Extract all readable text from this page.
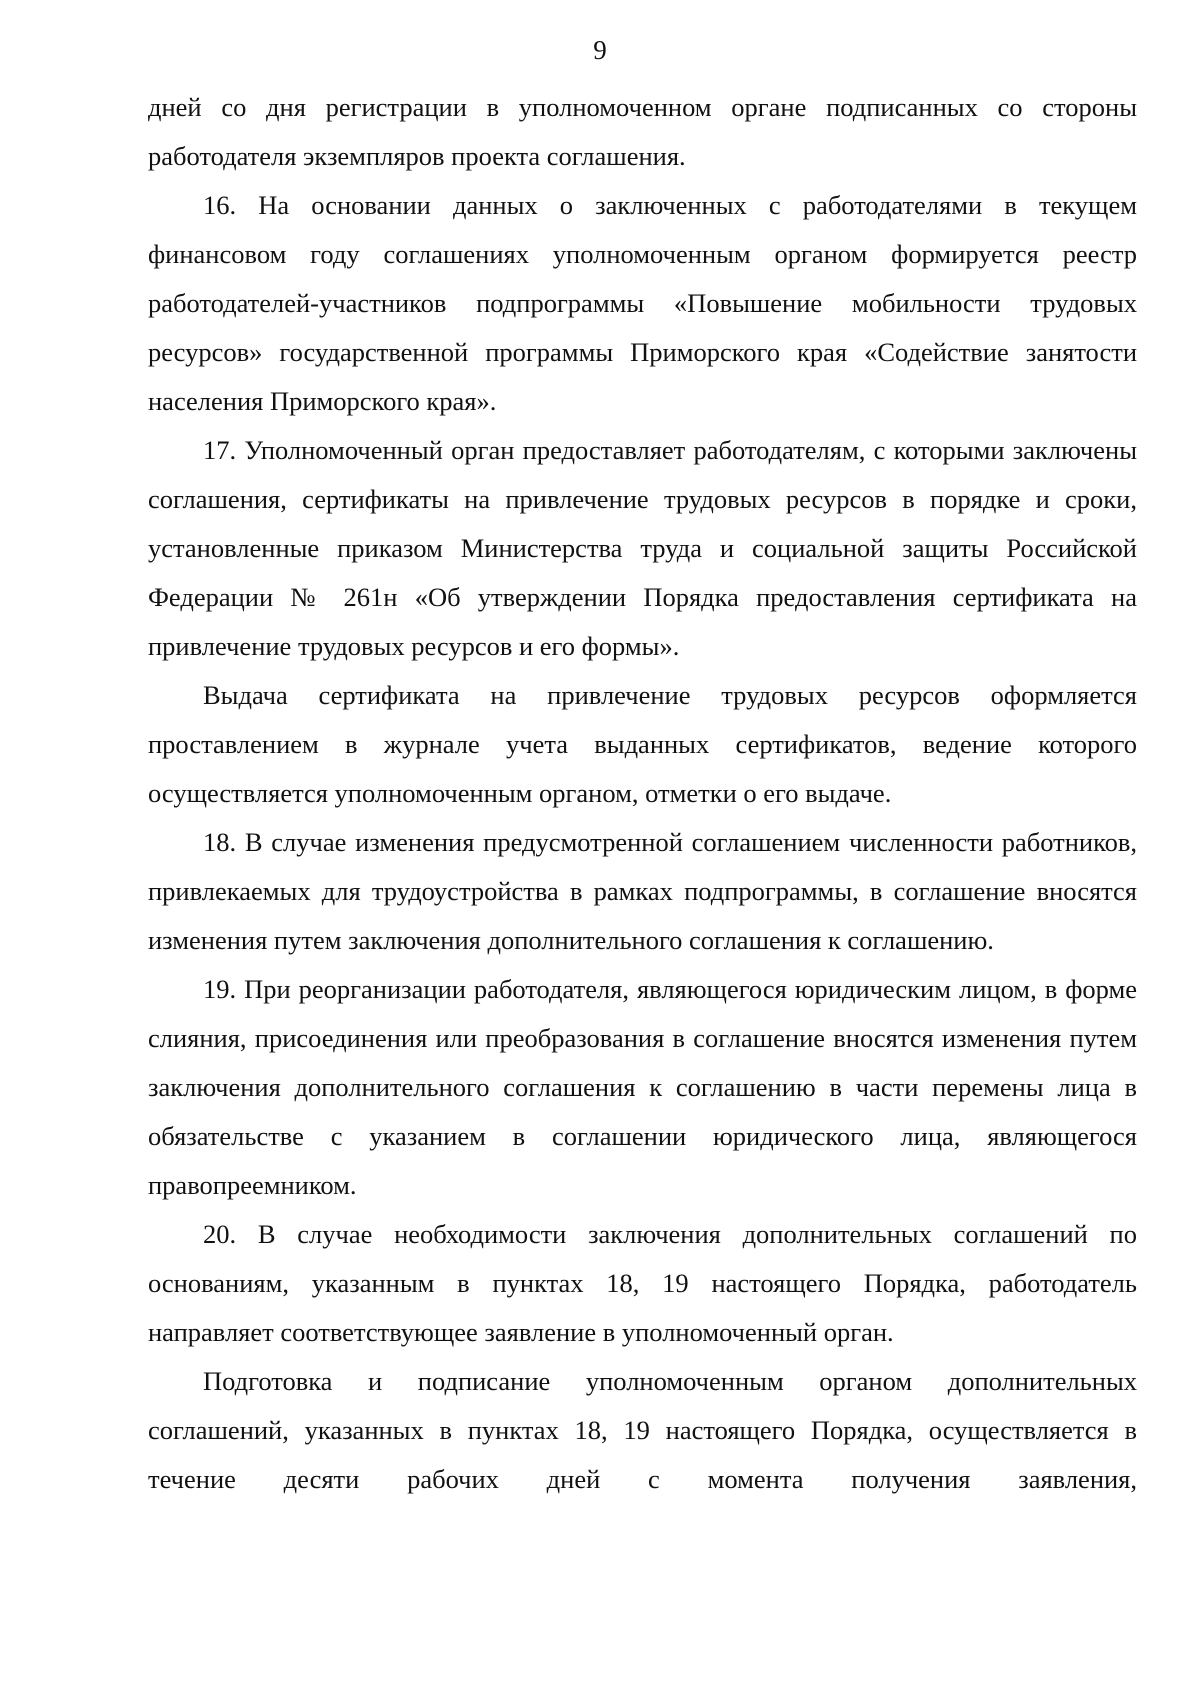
9

дней со дня регистрации в уполномоченном органе подписанных со стороны работодателя экземпляров проекта соглашения.

16. На основании данных о заключенных с работодателями в текущем финансовом году соглашениях уполномоченным органом формируется реестр работодателей-участников подпрограммы «Повышение мобильности трудовых ресурсов» государственной программы Приморского края «Содействие занятости населения Приморского края».

17. Уполномоченный орган предоставляет работодателям, с которыми заключены соглашения, сертификаты на привлечение трудовых ресурсов в порядке и сроки, установленные приказом Министерства труда и социальной защиты Российской Федерации № 261н «Об утверждении Порядка предоставления сертификата на привлечение трудовых ресурсов и его формы».

Выдача сертификата на привлечение трудовых ресурсов оформляется проставлением в журнале учета выданных сертификатов, ведение которого осуществляется уполномоченным органом, отметки о его выдаче.

18. В случае изменения предусмотренной соглашением численности работников, привлекаемых для трудоустройства в рамках подпрограммы, в соглашение вносятся изменения путем заключения дополнительного соглашения к соглашению.

19. При реорганизации работодателя, являющегося юридическим лицом, в форме слияния, присоединения или преобразования в соглашение вносятся изменения путем заключения дополнительного соглашения к соглашению в части перемены лица в обязательстве с указанием в соглашении юридического лица, являющегося правопреемником.

20. В случае необходимости заключения дополнительных соглашений по основаниям, указанным в пунктах 18, 19 настоящего Порядка, работодатель направляет соответствующее заявление в уполномоченный орган.

Подготовка и подписание уполномоченным органом дополнительных соглашений, указанных в пунктах 18, 19 настоящего Порядка, осуществляется в течение десяти рабочих дней с момента получения заявления,
